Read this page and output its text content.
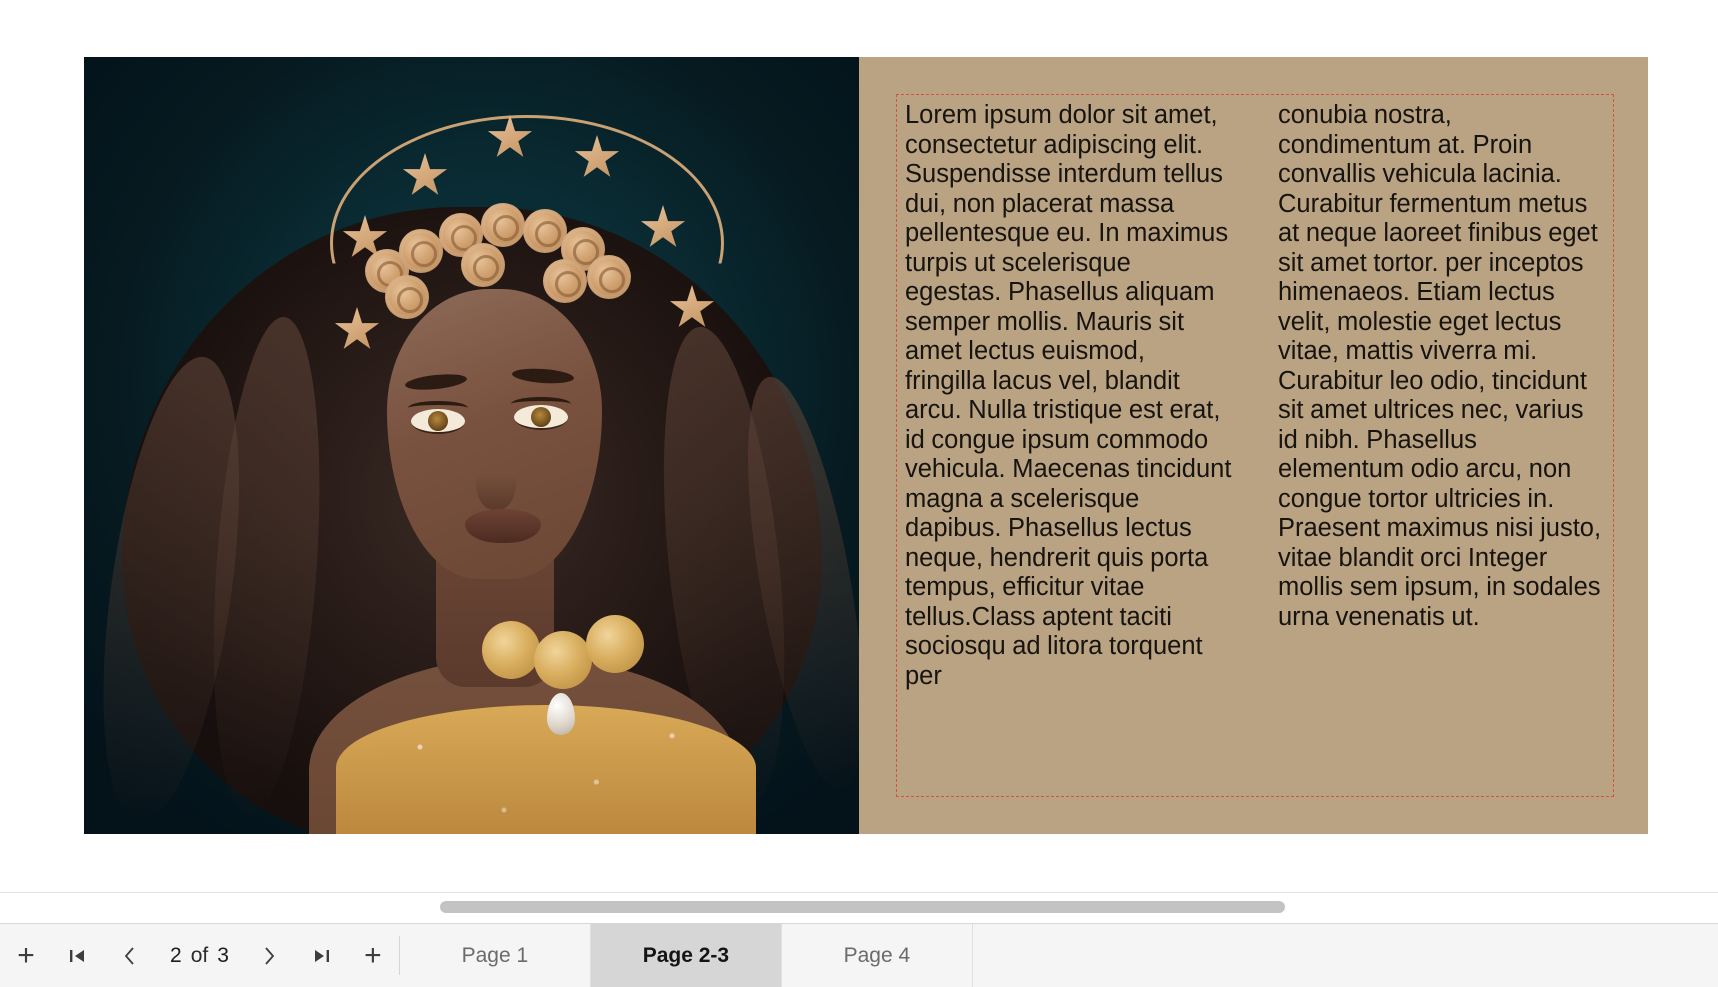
Lorem ipsum dolor sit amet, consectetur adipiscing elit. Suspendisse interdum tellus dui, non placerat massa pellentesque eu. In maximus turpis ut scelerisque egestas. Phasellus aliquam semper mollis. Mauris sit amet lectus euismod, fringilla lacus vel, blandit arcu. Nulla tristique est erat, id congue ipsum commodo vehicula. Maecenas tincidunt magna a scelerisque dapibus. Phasellus lectus neque, hendrerit quis porta tempus, efficitur vitae tellus.Class aptent taciti sociosqu ad litora torquent per

conubia nostra, condimentum at. Proin convallis vehicula lacinia. Curabitur fermentum metus at neque laoreet finibus eget sit amet tortor. per inceptos himenaeos. Etiam lectus velit, molestie eget lectus vitae, mattis viverra mi. Curabitur leo odio, tincidunt sit amet ultrices nec, varius id nibh. Phasellus elementum odio arcu, non congue tortor ultricies in. Praesent maximus nisi justo, vitae blandit orci Integer mollis sem ipsum, in sodales urna venenatis ut.

+	2 of 3	+	Page 1	Page 2-3	Page 4
